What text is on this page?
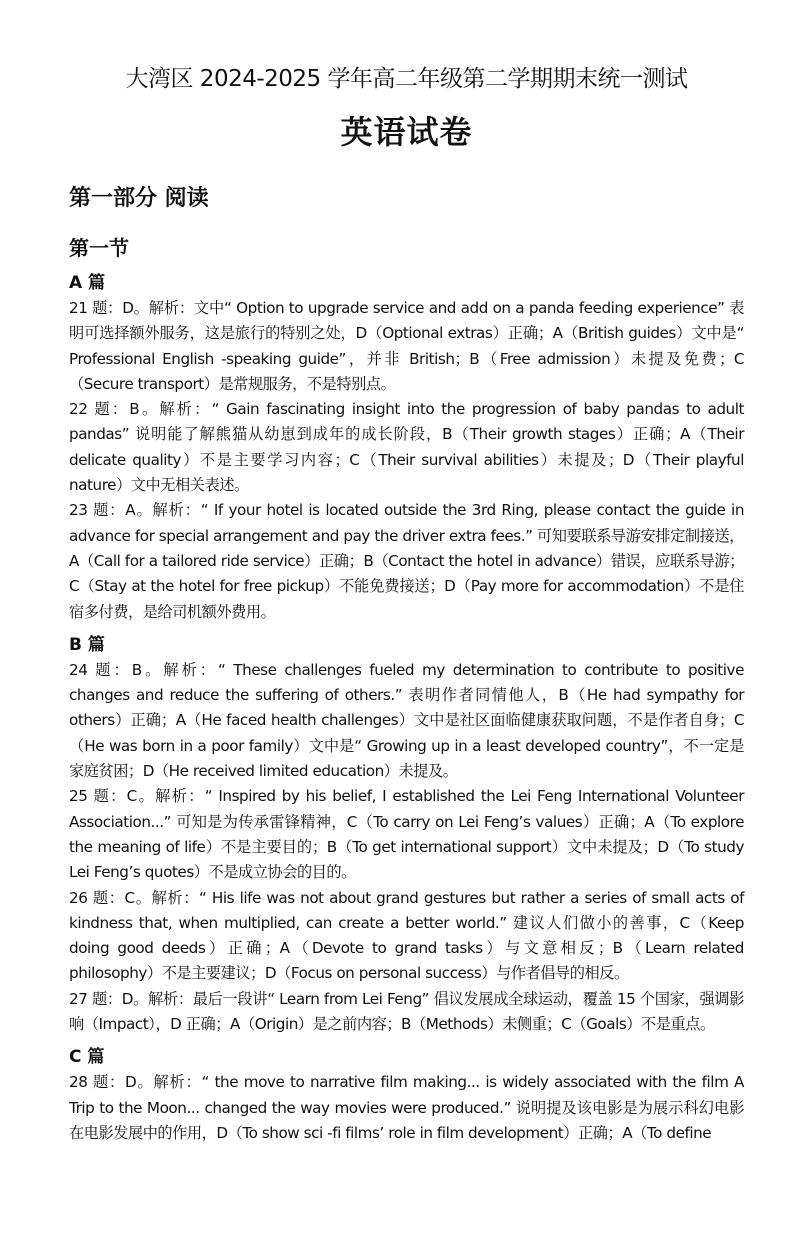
大湾区 2024-2025 学年高二年级第二学期期末统一测试
英语试卷
第一部分 阅读
第一节
A 篇
21 题：D。解析：文中“ Option to upgrade service and add on a panda feeding experience” 表明可选择额外服务，这是旅行的特别之处，D（Optional extras）正确；A（British guides）文中是“ Professional English -speaking guide”，并非 British；B（Free admission）未提及免费；C（Secure transport）是常规服务，不是特别点。
22 题：B。解析：“ Gain fascinating insight into the progression of baby pandas to adult pandas” 说明能了解熊猫从幼崽到成年的成长阶段，B（Their growth stages）正确；A（Their delicate quality）不是主要学习内容；C（Their survival abilities）未提及；D（Their playful nature）文中无相关表述。
23 题：A。解析：“ If your hotel is located outside the 3rd Ring, please contact the guide in advance for special arrangement and pay the driver extra fees.” 可知要联系导游安排定制接送，A（Call for a tailored ride service）正确；B（Contact the hotel in advance）错误，应联系导游；C（Stay at the hotel for free pickup）不能免费接送；D（Pay more for accommodation）不是住宿多付费，是给司机额外费用。
B 篇
24 题：B。解析：“ These challenges fueled my determination to contribute to positive changes and reduce the suffering of others.” 表明作者同情他人，B（He had sympathy for others）正确；A（He faced health challenges）文中是社区面临健康获取问题，不是作者自身；C（He was born in a poor family）文中是“ Growing up in a least developed country”，不一定是家庭贫困；D（He received limited education）未提及。
25 题：C。解析：“ Inspired by his belief, I established the Lei Feng International Volunteer Association...” 可知是为传承雷锋精神，C（To carry on Lei Feng’s values）正确；A（To explore the meaning of life）不是主要目的；B（To get international support）文中未提及；D（To study Lei Feng’s quotes）不是成立协会的目的。
26 题：C。解析：“ His life was not about grand gestures but rather a series of small acts of kindness that, when multiplied, can create a better world.” 建议人们做小的善事，C（Keep doing good deeds）正确；A（Devote to grand tasks）与文意相反；B（Learn related philosophy）不是主要建议；D（Focus on personal success）与作者倡导的相反。
27 题：D。解析：最后一段讲“ Learn from Lei Feng” 倡议发展成全球运动，覆盖 15 个国家，强调影响（Impact），D 正确；A（Origin）是之前内容；B（Methods）未侧重；C（Goals）不是重点。
C 篇
28 题：D。解析：“ the move to narrative film making... is widely associated with the film A Trip to the Moon... changed the way movies were produced.” 说明提及该电影是为展示科幻电影在电影发展中的作用，D（To show sci -fi films’ role in film development）正确；A（To define
